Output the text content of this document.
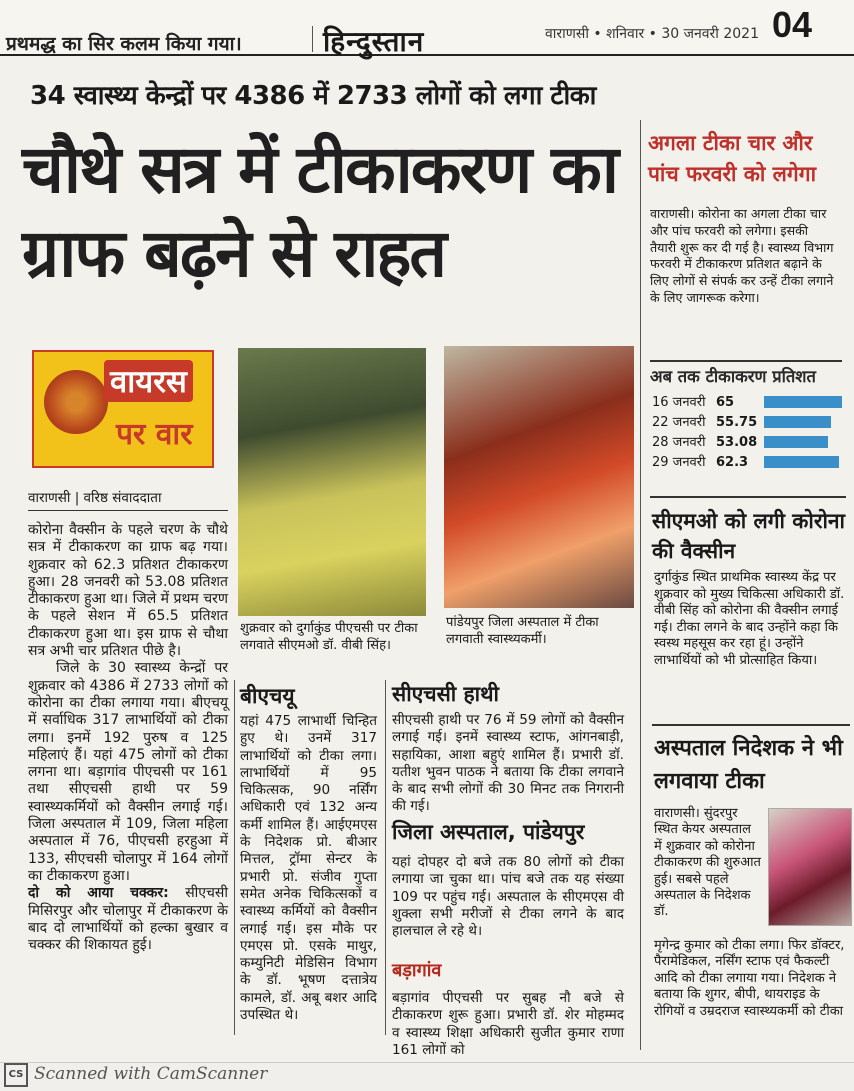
प्रथमद्ध का सिर कलम किया गया।	हिन्दुस्तान	वाराणसी • शनिवार • 30 जनवरी 2021 04
34 स्वास्थ्य केन्द्रों पर 4386 में 2733 लोगों को लगा टीका
चौथे सत्र में टीकाकरण का ग्राफ बढ़ने से राहत
वायरस
पर वार
वाराणसी | वरिष्ठ संवाददाता

कोरोना वैक्सीन के पहले चरण के चौथे सत्र में टीकाकरण का ग्राफ बढ़ गया। शुक्रवार को 62.3 प्रतिशत टीकाकरण हुआ। 28 जनवरी को 53.08 प्रतिशत टीकाकरण हुआ था। जिले में प्रथम चरण के पहले सेशन में 65.5 प्रतिशत टीकाकरण हुआ था। इस ग्राफ से चौथा सत्र अभी चार प्रतिशत पीछे है।

जिले के 30 स्वास्थ्य केन्द्रों पर शुक्रवार को 4386 में 2733 लोगों को कोरोना का टीका लगाया गया। बीएचयू में सर्वाधिक 317 लाभार्थियों को टीका लगा। इनमें 192 पुरुष व 125 महिलाएं हैं। यहां 475 लोगों को टीका लगना था। बड़ागांव पीएचसी पर 161 तथा सीएचसी हाथी पर 59 स्वास्थ्यकर्मियों को वैक्सीन लगाई गई। जिला अस्पताल में 109, जिला महिला अस्पताल में 76, पीएचसी हरहुआ में 133, सीएचसी चोलापुर में 164 लोगों का टीकाकरण हुआ।

दो को आया चक्कर: सीएचसी मिसिरपुर और चोलापुर में टीकाकरण के बाद दो लाभार्थियों को हल्का बुखार व चक्कर की शिकायत हुई।

शुक्रवार को दुर्गाकुंड पीएचसी पर टीका लगवाते सीएमओ डॉ. वीबी सिंह।
पांडेयपुर जिला अस्पताल में टीका लगवाती स्वास्थ्यकर्मी।
बीएचयू
यहां 475 लाभार्थी चिन्हित हुए थे। उनमें 317 लाभार्थियों को टीका लगा। लाभार्थियों में 95 चिकित्सक, 90 नर्सिंग अधिकारी एवं 132 अन्य कर्मी शामिल हैं। आईएमएस के निदेशक प्रो. बीआर मित्तल, ट्रॉमा सेन्टर के प्रभारी प्रो. संजीव गुप्ता समेत अनेक चिकित्सकों व स्वास्थ्य कर्मियों को वैक्सीन लगाई गई। इस मौके पर एमएस प्रो. एसके माथुर, कम्युनिटी मेडिसिन विभाग के डॉ. भूषण दत्तात्रेय कामले, डॉ. अबू बशर आदि उपस्थित थे।
सीएचसी हाथी
सीएचसी हाथी पर 76 में 59 लोगों को वैक्सीन लगाई गई। इनमें स्वास्थ्य स्टाफ, आंगनबाड़ी, सहायिका, आशा बहुएं शामिल हैं। प्रभारी डॉ. यतीश भुवन पाठक ने बताया कि टीका लगवाने के बाद सभी लोगों की 30 मिनट तक निगरानी की गई।
जिला अस्पताल, पांडेयपुर
यहां दोपहर दो बजे तक 80 लोगों को टीका लगाया जा चुका था। पांच बजे तक यह संख्या 109 पर पहुंच गई। अस्पताल के सीएमएस वी शुक्ला सभी मरीजों से टीका लगने के बाद हालचाल ले रहे थे।
बड़ागांव
बड़ागांव पीएचसी पर सुबह नौ बजे से टीकाकरण शुरू हुआ। प्रभारी डॉ. शेर मोहम्मद व स्वास्थ्य शिक्षा अधिकारी सुजीत कुमार राणा 161 लोगों को
अगला टीका चार और पांच फरवरी को लगेगा
वाराणसी। कोरोना का अगला टीका चार और पांच फरवरी को लगेगा। इसकी तैयारी शुरू कर दी गई है। स्वास्थ्य विभाग फरवरी में टीकाकरण प्रतिशत बढ़ाने के लिए लोगों से संपर्क कर उन्हें टीका लगाने के लिए जागरूक करेगा।
अब तक टीकाकरण प्रतिशत
सीएमओ को लगी कोरोना की वैक्सीन
दुर्गाकुंड स्थित प्राथमिक स्वास्थ्य केंद्र पर शुक्रवार को मुख्य चिकित्सा अधिकारी डॉ. वीबी सिंह को कोरोना की वैक्सीन लगाई गई। टीका लगने के बाद उन्होंने कहा कि स्वस्थ महसूस कर रहा हूं। उन्होंने लाभार्थियों को भी प्रोत्साहित किया।
अस्पताल निदेशक ने भी लगवाया टीका
वाराणसी। सुंदरपुर स्थित केयर अस्पताल में शुक्रवार को कोरोना टीकाकरण की शुरुआत हुई। सबसे पहले अस्पताल के निदेशक डॉ.
मृगेन्द्र कुमार को टीका लगा। फिर डॉक्टर, पैरामेडिकल, नर्सिंग स्टाफ एवं फैकल्टी आदि को टीका लगाया गया। निदेशक ने बताया कि शुगर, बीपी, थायराइड के रोगियों व उम्रदराज स्वास्थ्यकर्मी को टीका
CS Scanned with CamScanner
16 जनवरी 65
22 जनवरी 55.75
28 जनवरी 53.08
29 जनवरी 62.3
